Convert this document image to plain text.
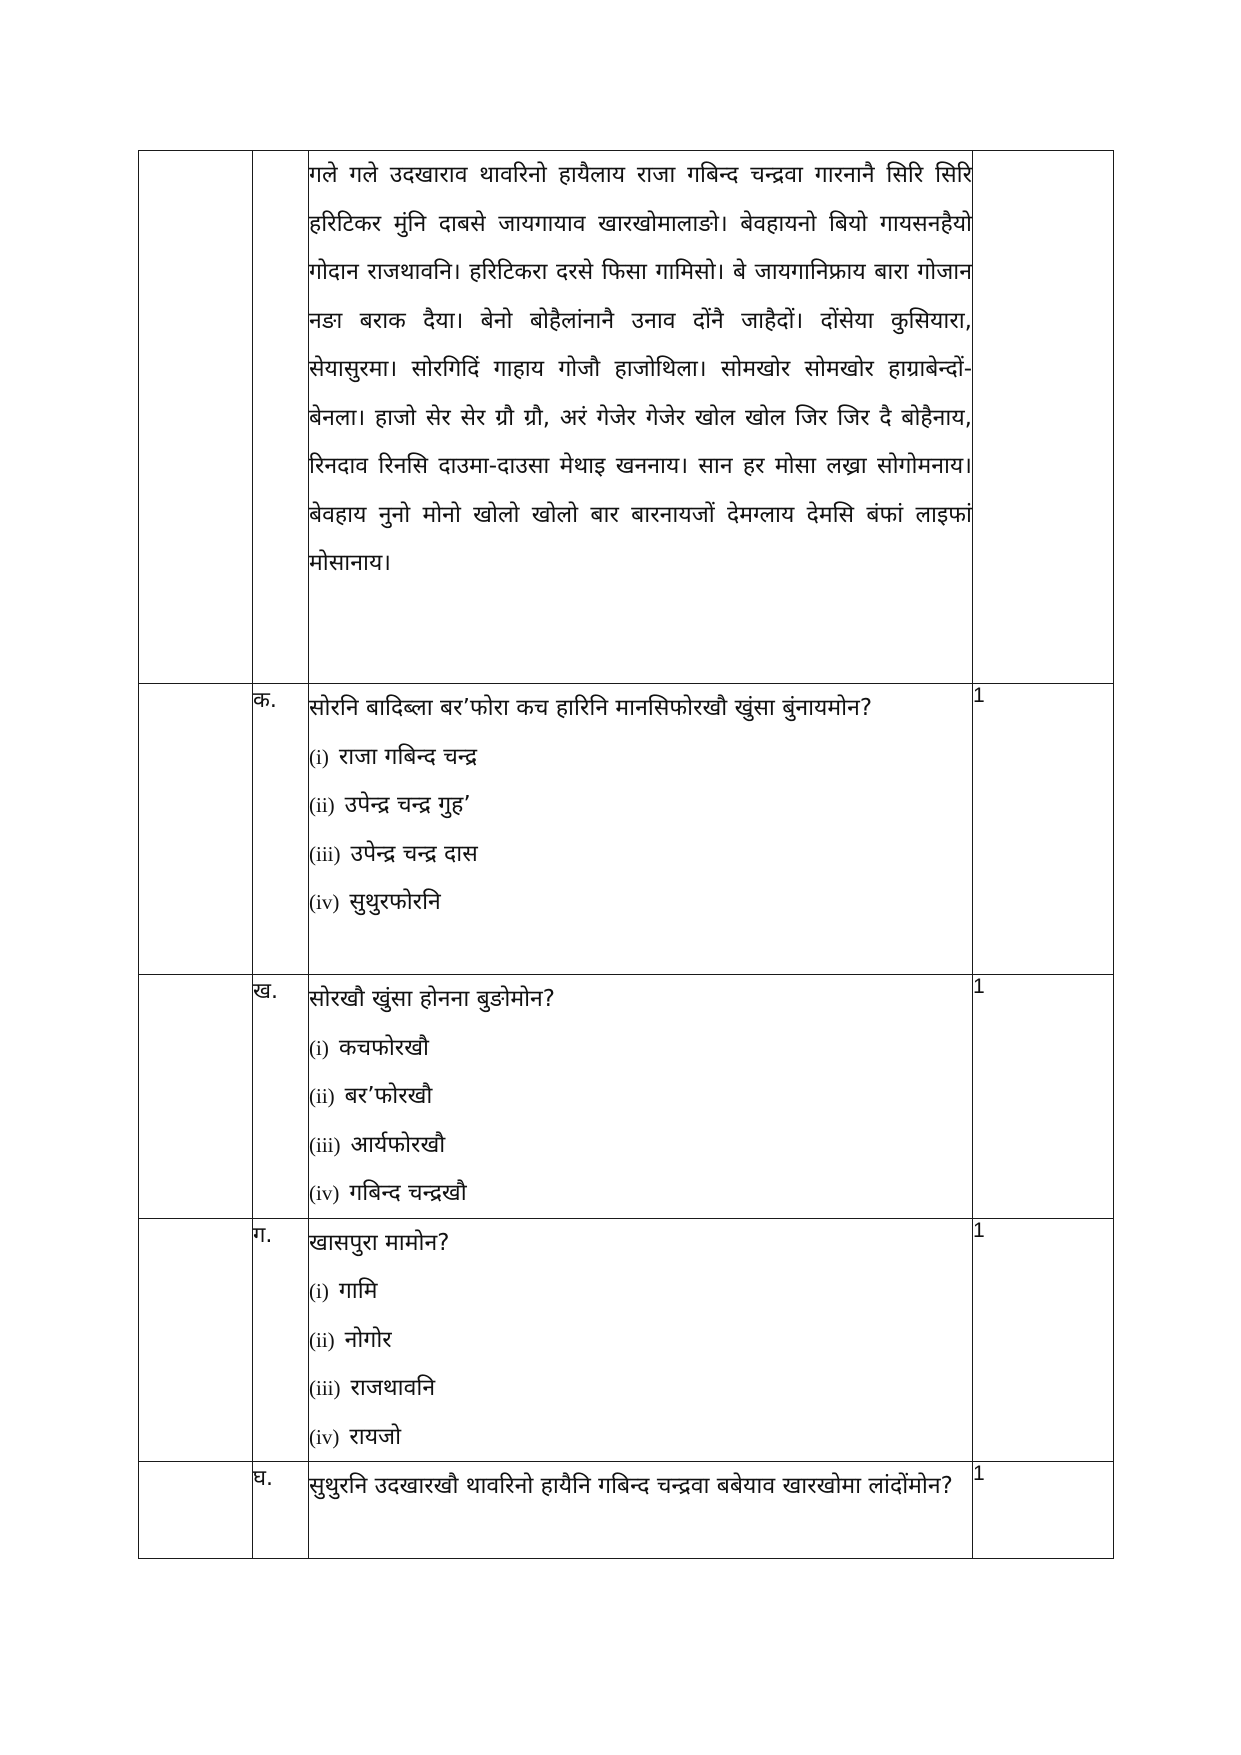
		गले गले उदखाराव थावरिनो हायैलाय राजा गबिन्द चन्द्रवा गारनानै सिरि सिरि हरिटिकर मुंनि दाबसे जायगायाव खारखोमालाङो। बेवहायनो बियो गायसनहैयो गोदान राजथावनि। हरिटिकरा दरसे फिसा गामिसो। बे जायगानिफ्राय बारा गोजान नङा बराक दैया। बेनो बोहैलांनानै उनाव दोंनै जाहैदों। दोंसेया कुसियारा, सेयासुरमा। सोरगिदिं गाहाय गोजौ हाजोथिला। सोमखोर सोमखोर हाग्राबेन्दों-बेनला। हाजो सेर सेर ग्रौ ग्रौ, अरं गेजेर गेजेर खोल खोल जिर जिर दै बोहैनाय, रिनदाव रिनसि दाउमा-दाउसा मेथाइ खननाय। सान हर मोसा लख्रा सोगोमनाय। बेवहाय नुनो मोनो खोलो खोलो बार बारनायजों देमग्लाय देमसि बंफां लाइफां मोसानाय।	

	क.	सोरनि बादिब्ला बर’फोरा कच हारिनि मानसिफोरखौ खुंसा बुंनायमोन?

(i) राजा गबिन्द चन्द्र

(ii) उपेन्द्र चन्द्र गुह’

(iii) उपेन्द्र चन्द्र दास

(iv) सुथुरफोरनि	1
	ख.	सोरखौ खुंसा होनना बुङोमोन?

(i) कचफोरखौ

(ii) बर’फोरखौ

(iii) आर्यफोरखौ

(iv) गबिन्द चन्द्रखौ	1
	ग.	खासपुरा मामोन?

(i) गामि

(ii) नोगोर

(iii) राजथावनि

(iv) रायजो	1
	घ.	सुथुरनि उदखारखौ थावरिनो हायैनि गबिन्द चन्द्रवा बबेयाव खारखोमा लांदोंमोन?	1
